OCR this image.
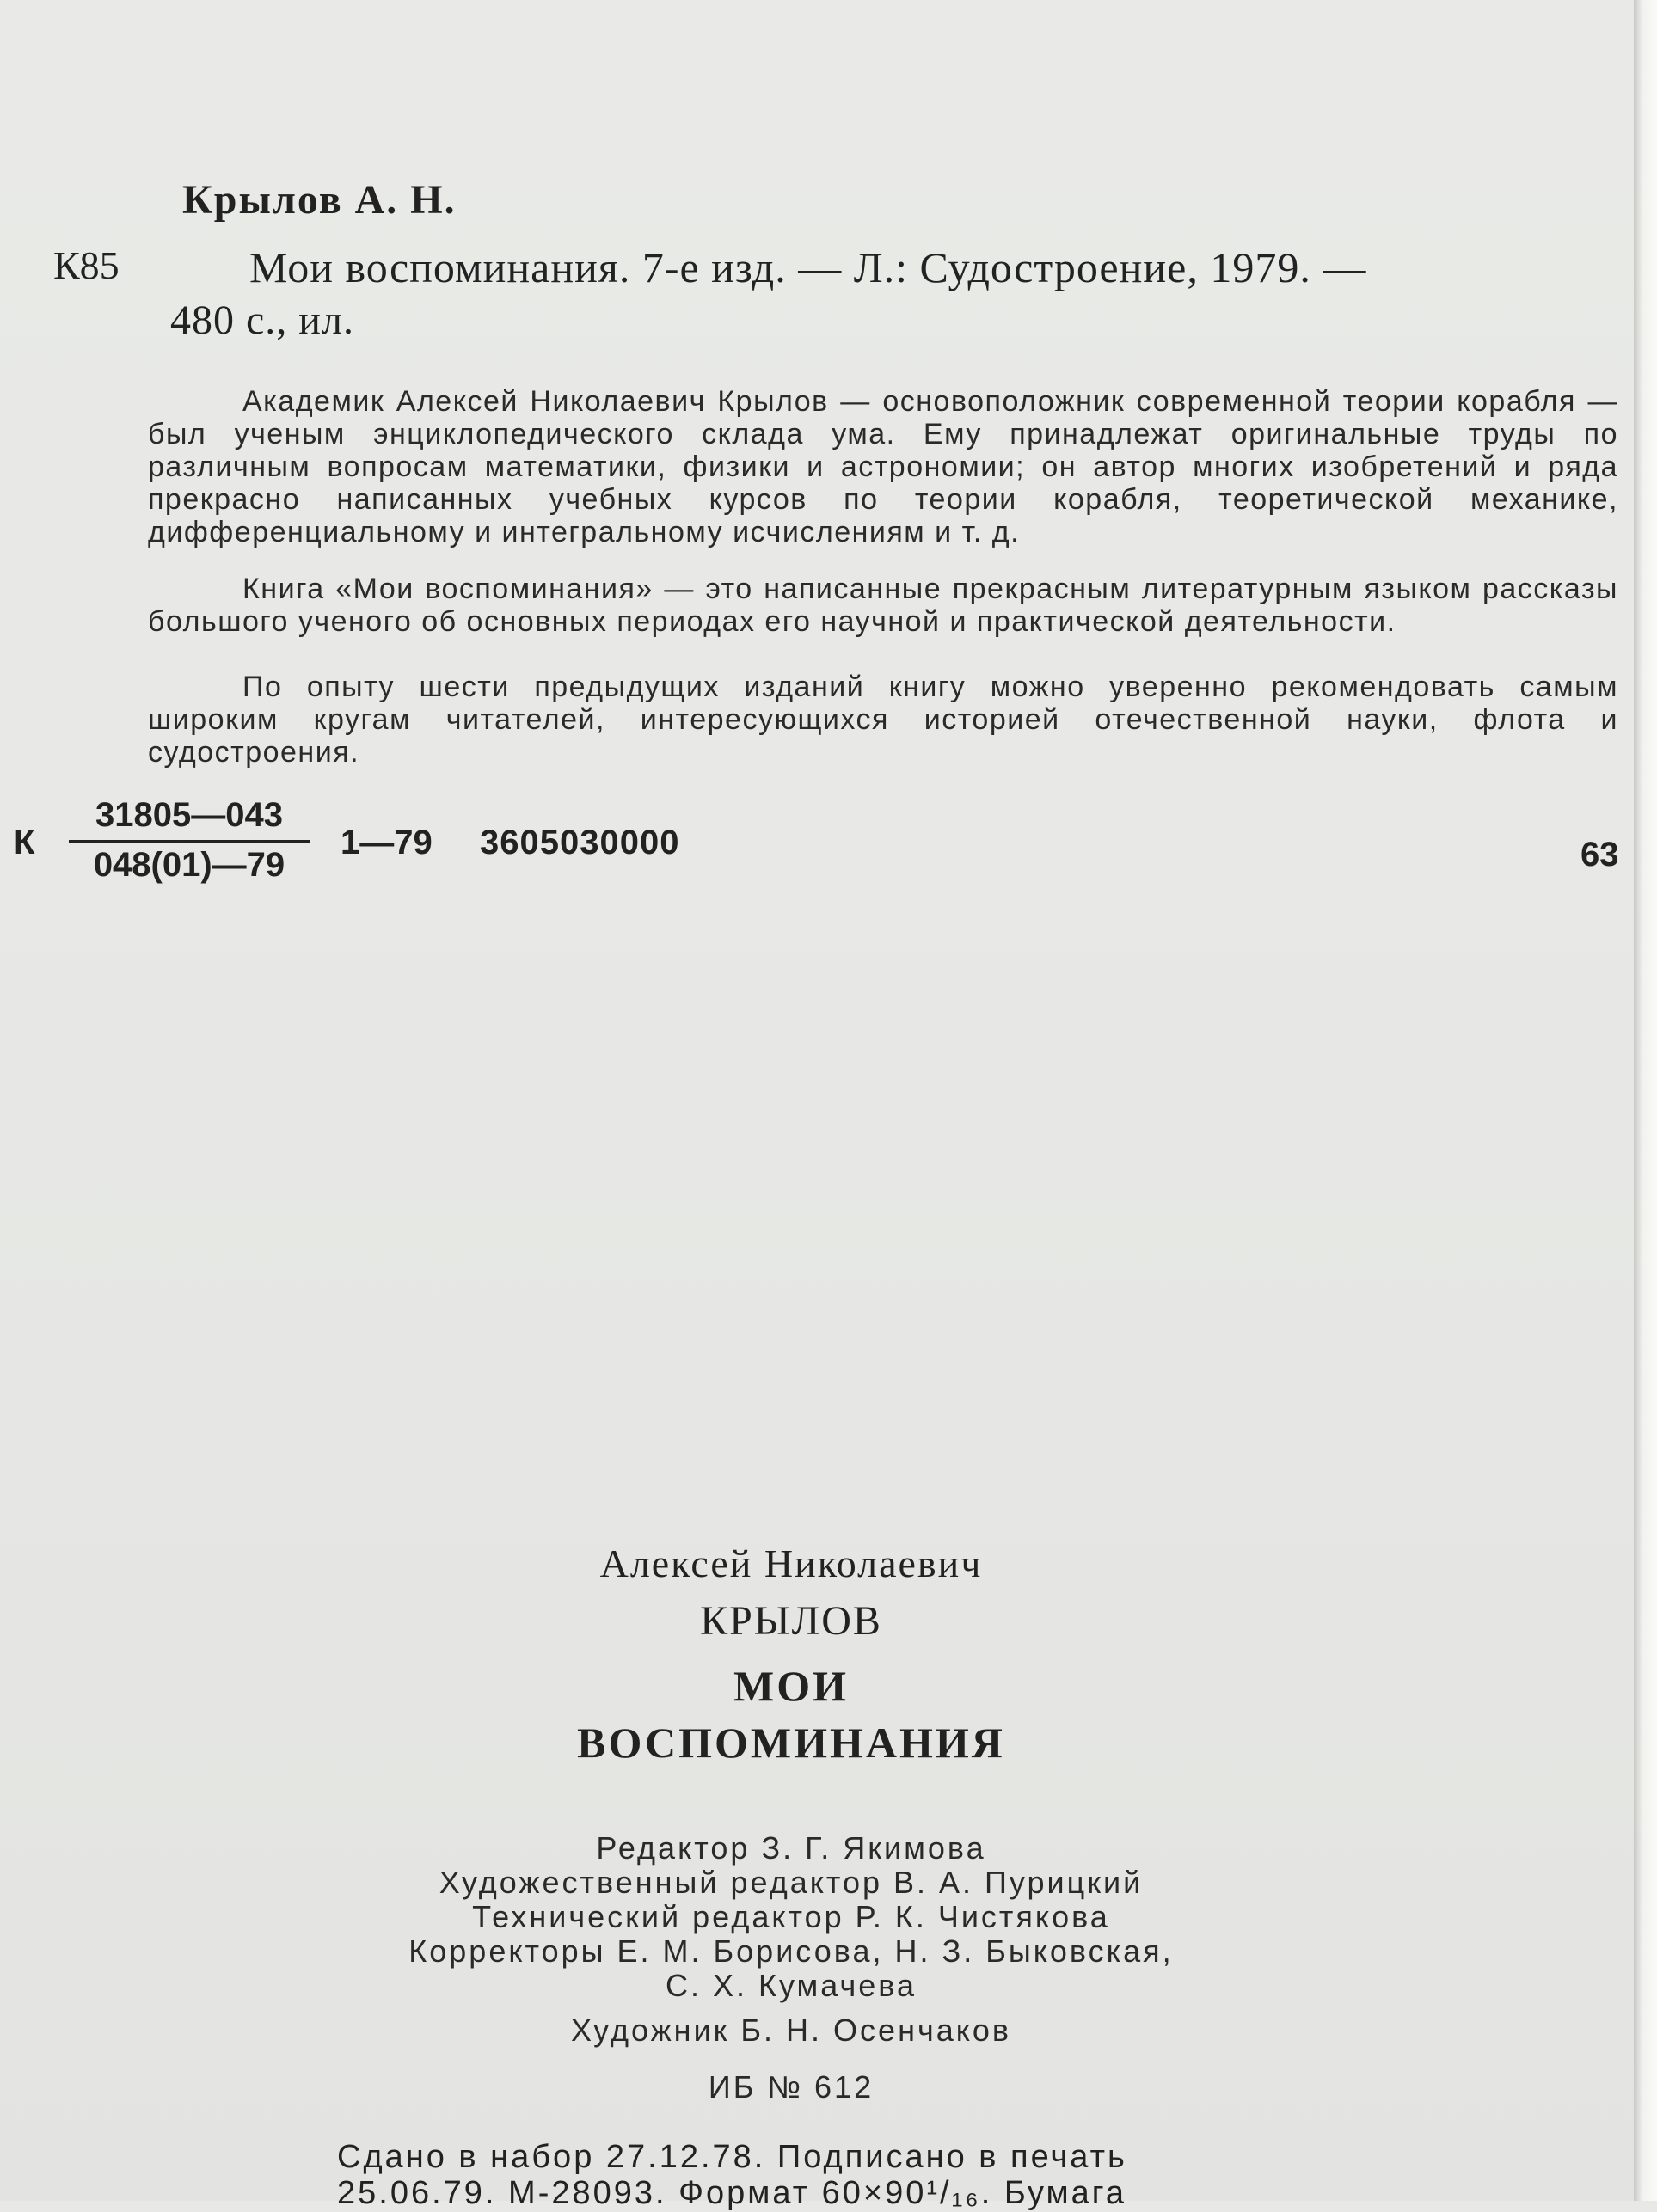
Крылов А. Н.
К85	Мои воспоминания. 7-е изд. — Л.: Судостроение, 1979. —
480 с., ил.

Академик Алексей Николаевич Крылов — основоположник современной теории корабля — был ученым энциклопедического склада ума. Ему принадлежат оригинальные труды по различным вопросам математики, физики и астрономии; он автор многих изобретений и ряда прекрасно написанных учебных курсов по теории корабля, теоретической механике, дифференциальному и интегральному исчислениям и т. д.

Книга «Мои воспоминания» — это написанные прекрасным литературным языком рассказы большого ученого об основных периодах его научной и практической деятельности.

По опыту шести предыдущих изданий книгу можно уверенно рекомендовать самым широким кругам читателей, интересующихся историей отечественной науки, флота и судостроения.

К $\frac{31805—043}{048(01)—79}$ 1—79 3605030000	63
Алексей Николаевич
КРЫЛОВ
МОИ
ВОСПОМИНАНИЯ
Редактор З. Г. Якимова
Художественный редактор В. А. Пурицкий
Технический редактор Р. К. Чистякова
Корректоры Е. М. Борисова, Н. З. Быковская,
С. Х. Кумачева
Художник Б. Н. Осенчаков
ИБ № 612
Сдано в набор 27.12.78. Подписано в печать
25.06.79. М-28093. Формат 60×90¹/₁₆. Бумага
